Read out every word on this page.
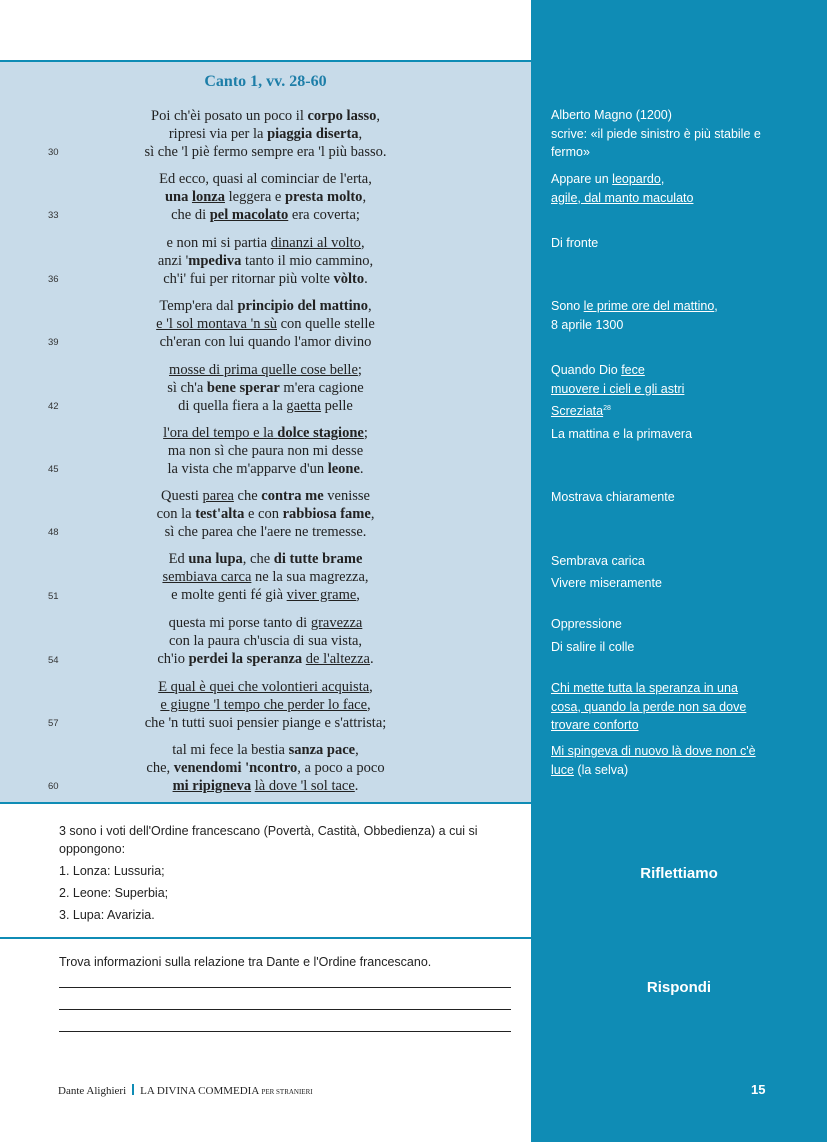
Canto 1, vv. 28-60
Poi ch'èi posato un poco il corpo lasso,
ripresi via per la piaggia diserta,
sì che 'l piè fermo sempre era 'l più basso.
Ed ecco, quasi al cominciar de l'erta,
una lonza leggera e presta molto,
che di pel macolato era coverta;
e non mi si partia dinanzi al volto,
anzi 'mpediva tanto il mio cammino,
ch'i' fui per ritornar più volte vòlto.
Temp'era dal principio del mattino,
e 'l sol montava 'n sù con quelle stelle
ch'eran con lui quando l'amor divino
mosse di prima quelle cose belle;
sì ch'a bene sperar m'era cagione
di quella fiera a la gaetta pelle
l'ora del tempo e la dolce stagione;
ma non sì che paura non mi desse
la vista che m'apparve d'un leone.
Questi parea che contra me venisse
con la test'alta e con rabbiosa fame,
sì che parea che l'aere ne tremesse.
Ed una lupa, che di tutte brame
sembiava carca ne la sua magrezza,
e molte genti fé già viver grame,
questa mi porse tanto di gravezza
con la paura ch'uscia di sua vista,
ch'io perdei la speranza de l'altezza.
E qual è quei che volontieri acquista,
e giugne 'l tempo che perder lo face,
che 'n tutti suoi pensier piange e s'attrista;
tal mi fece la bestia sanza pace,
che, venendomi 'ncontro, a poco a poco
mi ripigneva là dove 'l sol tace.
30
33
36
39
42
45
48
51
54
57
60
Alberto Magno (1200)
scrive: «il piede sinistro è più stabile e
fermo»
Appare un leopardo,
agile, dal manto maculato
Di fronte
Sono le prime ore del mattino,
8 aprile 1300
Quando Dio fece
muovere i cieli e gli astri
Screziata$^{28}$
La mattina e la primavera
Mostrava chiaramente
Sembrava carica
Vivere miseramente
Oppressione
Di salire il colle
Chi mette tutta la speranza in una
cosa, quando la perde non sa dove
trovare conforto
Mi spingeva di nuovo là dove non c'è
luce (la selva)

3 sono i voti dell'Ordine francescano (Povertà, Castità, Obbedienza) a cui si oppongono:

1. Lonza: Lussuria;
2. Leone: Superbia;
3. Lupa: Avarizia.
Riflettiamo
Trova informazioni sulla relazione tra Dante e l'Ordine francescano.
Rispondi
Dante Alighieri LA DIVINA COMMEDIA PER STRANIERI	15
